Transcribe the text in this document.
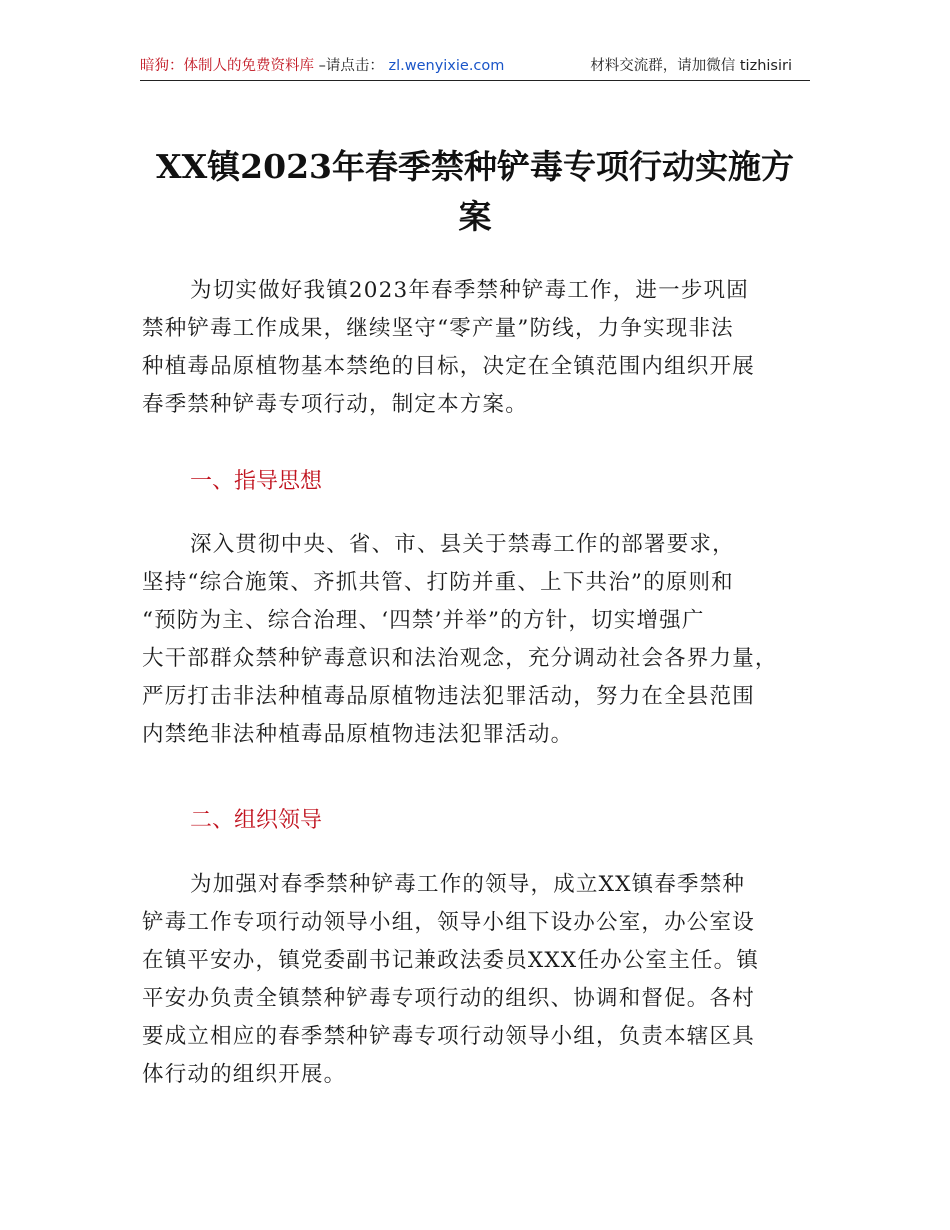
暗狗：体制人的免费资料库 –请点击： zl.wenyixie.com	材料交流群，请加微信 tizhisiri
XX镇2023年春季禁种铲毒专项行动实施方
案
为切实做好我镇2023年春季禁种铲毒工作，进一步巩固
禁种铲毒工作成果，继续坚守“零产量”防线，力争实现非法
种植毒品原植物基本禁绝的目标，决定在全镇范围内组织开展
春季禁种铲毒专项行动，制定本方案。
一、指导思想
深入贯彻中央、省、市、县关于禁毒工作的部署要求，
坚持“综合施策、齐抓共管、打防并重、上下共治”的原则和
“预防为主、综合治理、‘四禁’并举”的方针，切实增强广
大干部群众禁种铲毒意识和法治观念，充分调动社会各界力量，
严厉打击非法种植毒品原植物违法犯罪活动，努力在全县范围
内禁绝非法种植毒品原植物违法犯罪活动。
二、组织领导
为加强对春季禁种铲毒工作的领导，成立XX镇春季禁种
铲毒工作专项行动领导小组，领导小组下设办公室，办公室设
在镇平安办，镇党委副书记兼政法委员XXX任办公室主任。镇
平安办负责全镇禁种铲毒专项行动的组织、协调和督促。各村
要成立相应的春季禁种铲毒专项行动领导小组，负责本辖区具
体行动的组织开展。
